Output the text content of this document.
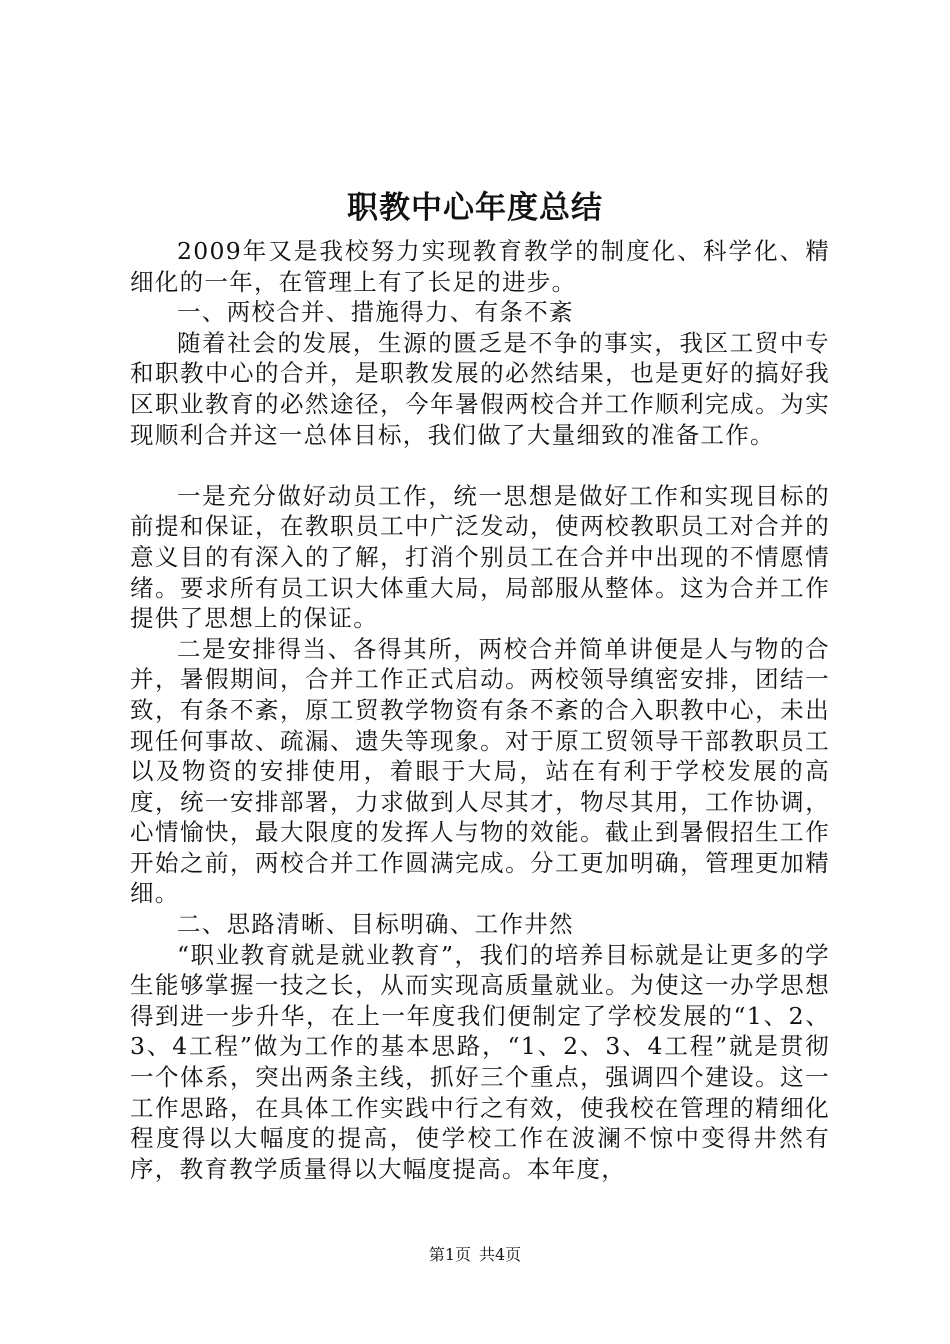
职教中心年度总结

2009年又是我校努力实现教育教学的制度化、科学化、精细化的一年，在管理上有了长足的进步。

一、两校合并、措施得力、有条不紊

随着社会的发展，生源的匮乏是不争的事实，我区工贸中专和职教中心的合并，是职教发展的必然结果，也是更好的搞好我区职业教育的必然途径，今年暑假两校合并工作顺利完成。为实现顺利合并这一总体目标，我们做了大量细致的准备工作。

一是充分做好动员工作，统一思想是做好工作和实现目标的前提和保证，在教职员工中广泛发动，使两校教职员工对合并的意义目的有深入的了解，打消个别员工在合并中出现的不情愿情绪。要求所有员工识大体重大局，局部服从整体。这为合并工作提供了思想上的保证。

二是安排得当、各得其所，两校合并简单讲便是人与物的合并，暑假期间，合并工作正式启动。两校领导缜密安排，团结一致，有条不紊，原工贸教学物资有条不紊的合入职教中心，未出现任何事故、疏漏、遗失等现象。对于原工贸领导干部教职员工以及物资的安排使用，着眼于大局，站在有利于学校发展的高度，统一安排部署，力求做到人尽其才，物尽其用，工作协调，心情愉快，最大限度的发挥人与物的效能。截止到暑假招生工作开始之前，两校合并工作圆满完成。分工更加明确，管理更加精细。

二、思路清晰、目标明确、工作井然

“职业教育就是就业教育”，我们的培养目标就是让更多的学生能够掌握一技之长，从而实现高质量就业。为使这一办学思想得到进一步升华，在上一年度我们便制定了学校发展的“1、2、3、4工程”做为工作的基本思路，“1、2、3、4工程”就是贯彻一个体系，突出两条主线，抓好三个重点，强调四个建设。这一工作思路，在具体工作实践中行之有效，使我校在管理的精细化程度得以大幅度的提高，使学校工作在波澜不惊中变得井然有序，教育教学质量得以大幅度提高。本年度，

第1页 共4页
